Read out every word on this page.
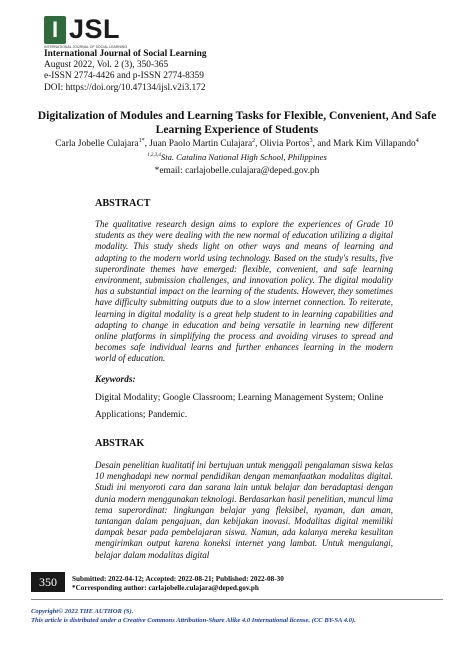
I JSL
INTERNATIONAL JOURNAL OF SOCIAL LEARNING
International Journal of Social Learning
August 2022, Vol. 2 (3), 350-365
e-ISSN 2774-4426 and p-ISSN 2774-8359
DOI: https://doi.org/10.47134/ijsl.v2i3.172
Digitalization of Modules and Learning Tasks for Flexible, Convenient, And Safe Learning Experience of Students
Carla Jobelle Culajara$^{1*}$, Juan Paolo Martin Culajara$^2$, Olivia Portos$^3$, and Mark Kim Villapando$^4$
$^{1,2,3,4}$Sta. Catalina National High School, Philippines
*email: carlajobelle.culajara@deped.gov.ph
ABSTRACT
The qualitative research design aims to explore the experiences of Grade 10 students as they were dealing with the new normal of education utilizing a digital modality. This study sheds light on other ways and means of learning and adapting to the modern world using technology. Based on the study's results, five superordinate themes have emerged: flexible, convenient, and safe learning environment, submission challenges, and innovation policy. The digital modality has a substantial impact on the learning of the students. However, they sometimes have difficulty submitting outputs due to a slow internet connection. To reiterate, learning in digital modality is a great help student to in learning capabilities and adapting to change in education and being versatile in learning new different online platforms in simplifying the process and avoiding viruses to spread and becomes safe individual learns and further enhances learning in the modern world of education.
Keywords:
Digital Modality; Google Classroom; Learning Management System; Online Applications; Pandemic.
ABSTRAK
Desain penelitian kualitatif ini bertujuan untuk menggali pengalaman siswa kelas 10 menghadapi new normal pendidikan dengan memanfaatkan modalitas digital. Studi ini menyoroti cara dan sarana lain untuk belajar dan beradaptasi dengan dunia modern menggunakan teknologi. Berdasarkan hasil penelitian, muncul lima tema superordinat: lingkungan belajar yang fleksibel, nyaman, dan aman, tantangan dalam pengajuan, dan kebijakan inovasi. Modalitas digital memiliki dampak besar pada pembelajaran siswa. Namun, ada kalanya mereka kesulitan mengirimkan output karena koneksi internet yang lambat. Untuk mengulangi, belajar dalam modalitas digital
350	Submitted: 2022-04-12; Accepted: 2022-08-21; Published: 2022-08-30
*Corresponding author: carlajobelle.culajara@deped.gov.ph
Copyright© 2022 THE AUTHOR (S).
This article is distributed under a Creative Commons Attribution-Share Alike 4.0 International license. (CC BY-SA 4.0).
